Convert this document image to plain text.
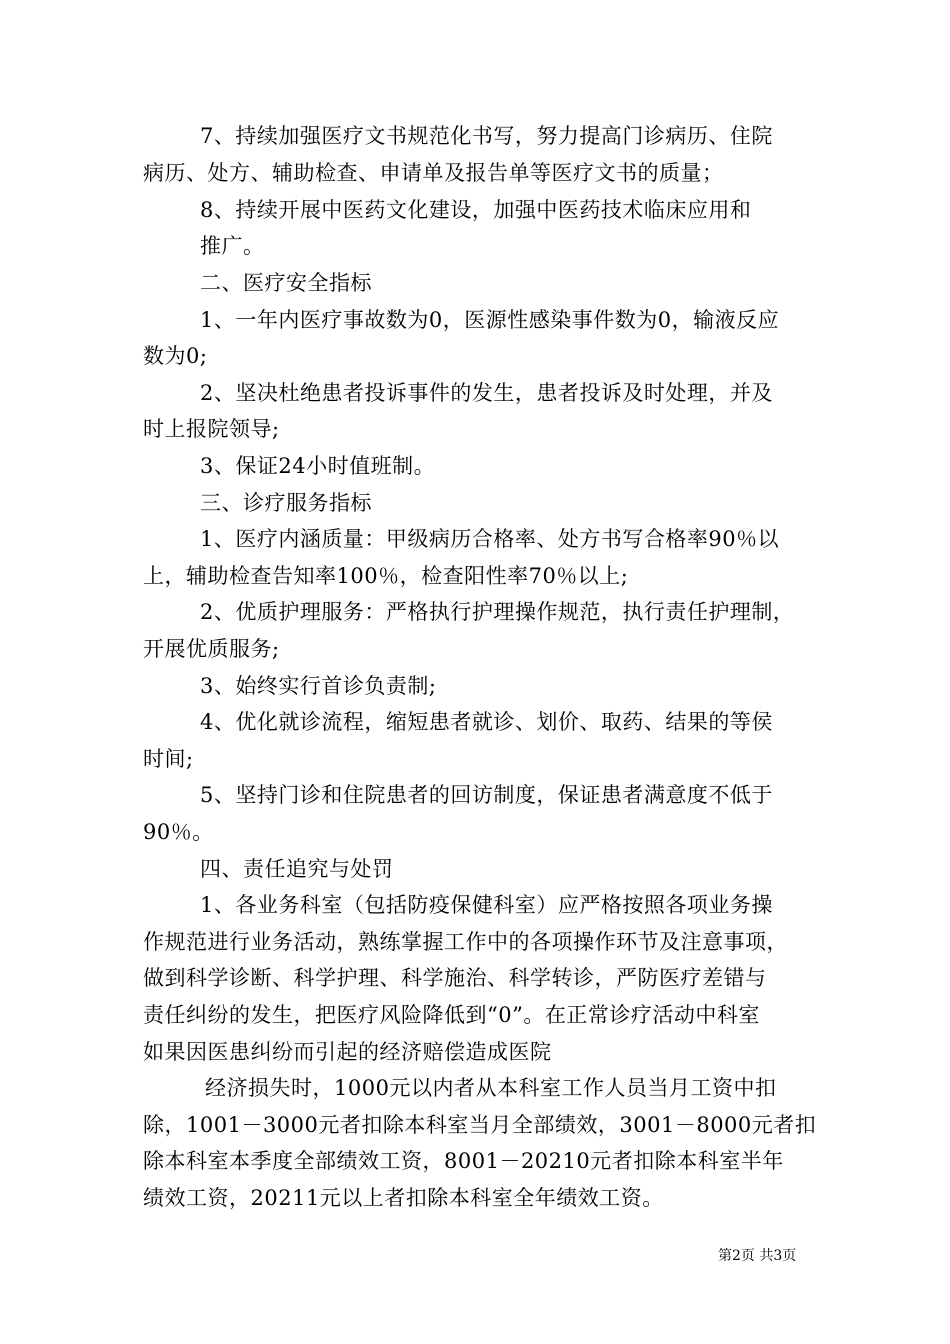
7、持续加强医疗文书规范化书写，努力提高门诊病历、住院
病历、处方、辅助检查、申请单及报告单等医疗文书的质量；
8、持续开展中医药文化建设，加强中医药技术临床应用和
推广。
二、医疗安全指标
1、一年内医疗事故数为0，医源性感染事件数为0，输液反应
数为0;
2、坚决杜绝患者投诉事件的发生，患者投诉及时处理，并及
时上报院领导;
3、保证24小时值班制。
三、诊疗服务指标
1、医疗内涵质量：甲级病历合格率、处方书写合格率90％以
上，辅助检查告知率100％，检查阳性率70％以上;
2、优质护理服务：严格执行护理操作规范，执行责任护理制，
开展优质服务;
3、始终实行首诊负责制;
4、优化就诊流程，缩短患者就诊、划价、取药、结果的等侯
时间;
5、坚持门诊和住院患者的回访制度，保证患者满意度不低于
90％。
四、责任追究与处罚
1、各业务科室（包括防疫保健科室）应严格按照各项业务操
作规范进行业务活动，熟练掌握工作中的各项操作环节及注意事项，
做到科学诊断、科学护理、科学施治、科学转诊，严防医疗差错与
责任纠纷的发生，把医疗风险降低到“0”。在正常诊疗活动中科室
如果因医患纠纷而引起的经济赔偿造成医院
经济损失时，1000元以内者从本科室工作人员当月工资中扣
除，1001－3000元者扣除本科室当月全部绩效，3001－8000元者扣
除本科室本季度全部绩效工资，8001－20210元者扣除本科室半年
绩效工资，20211元以上者扣除本科室全年绩效工资。
第2页 共3页
